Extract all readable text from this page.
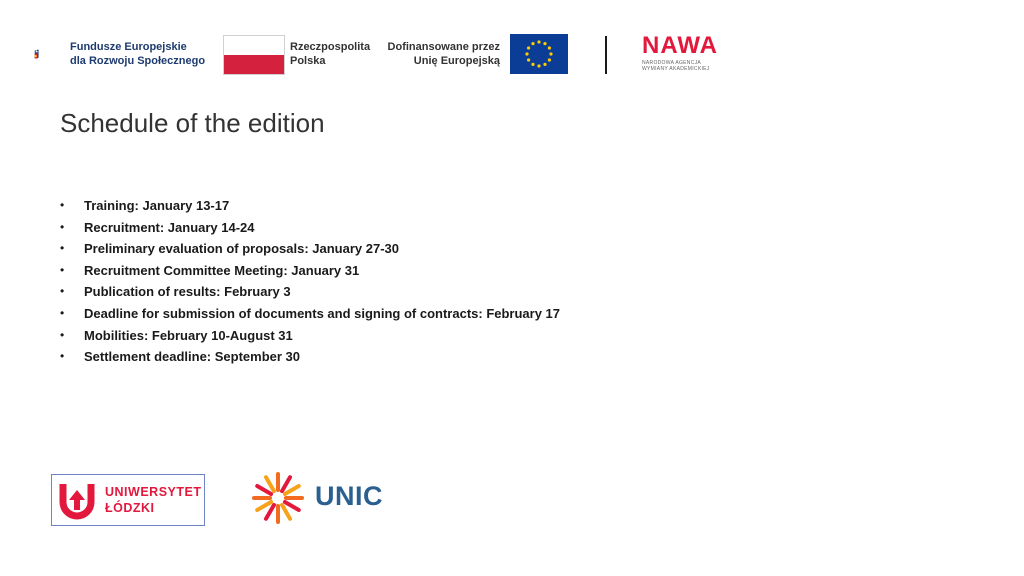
Fundusze Europejskie
dla Rozwoju Społecznego
Rzeczpospolita
Polska
Dofinansowane przez
Unię Europejską
NAWA
NARODOWA AGENCJA
WYMIANY AKADEMICKIEJ
Schedule of the edition
• Training: January 13-17
• Recruitment: January 14-24
• Preliminary evaluation of proposals: January 27-30
• Recruitment Committee Meeting: January 31
• Publication of results: February 3
• Deadline for submission of documents and signing of contracts: February 17
• Mobilities: February 10-August 31
• Settlement deadline: September 30
UNIWERSYTET
ŁÓDZKI	UNIC
